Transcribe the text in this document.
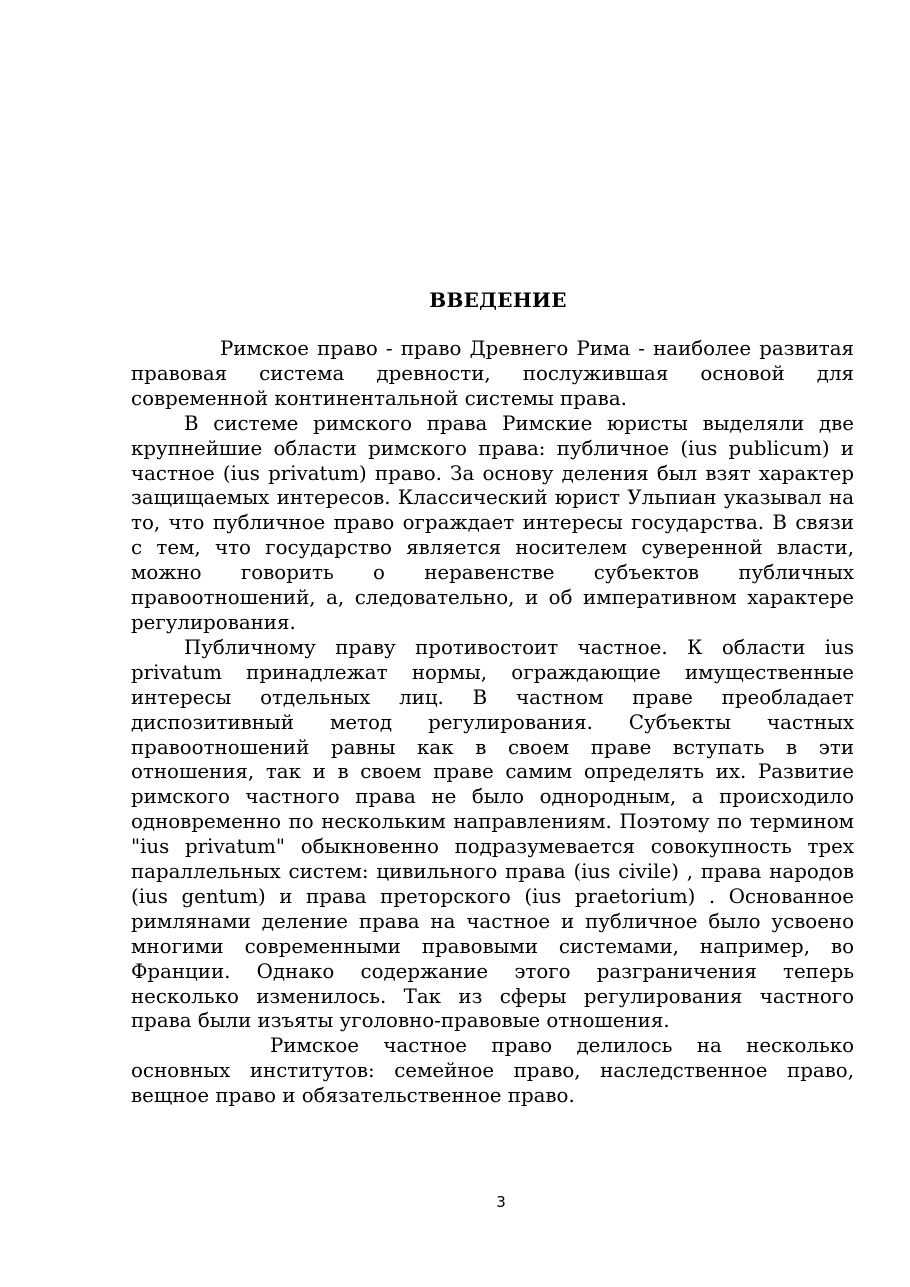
ВВЕДЕНИЕ

Римское право - право Древнего Рима - наиболее развитая правовая система древности, послужившая основой для современной континентальной системы права.

В системе римского права Римские юристы выделяли две крупнейшие области римского права: публичное (ius publicum) и частное (ius privatum) право. За основу деления был взят характер защищаемых интересов. Классический юрист Ульпиан указывал на то, что публичное право ограждает интересы государства. В связи с тем, что государство является носителем суверенной власти, можно говорить о неравенстве субъектов публичных правоотношений, а, следовательно, и об императивном характере регулирования.

Публичному праву противостоит частное. К области ius privatum принадлежат нормы, ограждающие имущественные интересы отдельных лиц. В частном праве преобладает диспозитивный метод регулирования. Субъекты частных правоотношений равны как в своем праве вступать в эти отношения, так и в своем праве самим определять их. Развитие римского частного права не было однородным, а происходило одновременно по нескольким направлениям. Поэтому по термином "ius privatum" обыкновенно подразумевается совокупность трех параллельных систем: цивильного права (ius civile) , права народов (ius gentum) и права преторского (ius praetorium) . Основанное римлянами деление права на частное и публичное было усвоено многими современными правовыми системами, например, во Франции. Однако содержание этого разграничения теперь несколько изменилось. Так из сферы регулирования частного права были изъяты уголовно-правовые отношения.

Римское частное право делилось на несколько основных институтов: семейное право, наследственное право, вещное право и обязательственное право.

3
